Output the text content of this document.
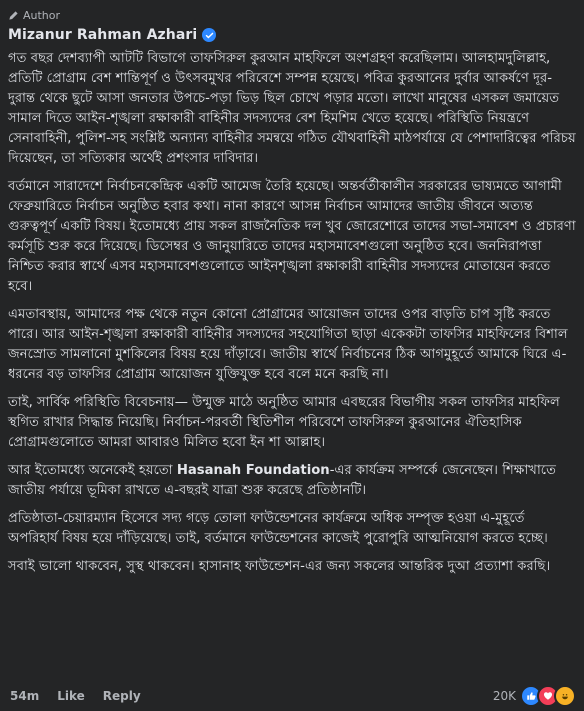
Author
Mizanur Rahman Azhari

গত বছর দেশব্যাপী আটটি বিভাগে তাফসিরুল কুরআন মাহফিলে অংশগ্রহণ করেছিলাম। আলহামদুলিল্লাহ, প্রতিটি প্রোগ্রাম বেশ শান্তিপূর্ণ ও উৎসবমুখর পরিবেশে সম্পন্ন হয়েছে। পবিত্র কুরআনের দুর্বার আকর্ষণে দূর-দুরান্ত থেকে ছুটে আসা জনতার উপচে-পড়া ভিড় ছিল চোখে পড়ার মতো। লাখো মানুষের এসকল জমায়েত সামাল দিতে আইন-শৃঙ্খলা রক্ষাকারী বাহিনীর সদস্যদের বেশ হিমশিম খেতে হয়েছে। পরিস্থিতি নিয়ন্ত্রণে সেনাবাহিনী, পুলিশ-সহ সংশ্লিষ্ট অন্যান্য বাহিনীর সমন্বয়ে গঠিত যৌথবাহিনী মাঠপর্যায়ে যে পেশাদারিত্বের পরিচয় দিয়েছেন, তা সত্যিকার অর্থেই প্রশংসার দাবিদার।

বর্তমানে সারাদেশে নির্বাচনকেন্দ্রিক একটি আমেজ তৈরি হয়েছে। অন্তর্বর্তীকালীন সরকারের ভাষ্যমতে আগামী ফেব্রুয়ারিতে নির্বাচন অনুষ্ঠিত হবার কথা। নানা কারণে আসন্ন নির্বাচন আমাদের জাতীয় জীবনে অত্যন্ত গুরুত্বপূর্ণ একটি বিষয়। ইতোমধ্যে প্রায় সকল রাজনৈতিক দল খুব জোরেশোরে তাদের সভা-সমাবেশ ও প্রচারণা কর্মসূচি শুরু করে দিয়েছে। ডিসেম্বর ও জানুয়ারিতে তাদের মহাসমাবেশগুলো অনুষ্ঠিত হবে। জননিরাপত্তা নিশ্চিত করার স্বার্থে এসব মহাসমাবেশগুলোতে আইনশৃঙ্খলা রক্ষাকারী বাহিনীর সদস্যদের মোতায়েন করতে হবে।

এমতাবস্থায়, আমাদের পক্ষ থেকে নতুন কোনো প্রোগ্রামের আয়োজন তাদের ওপর বাড়তি চাপ সৃষ্টি করতে পারে। আর আইন-শৃঙ্খলা রক্ষাকারী বাহিনীর সদস্যদের সহযোগিতা ছাড়া একেকটা তাফসির মাহফিলের বিশাল জনস্রোত সামলানো মুশকিলের বিষয় হয়ে দাঁড়াবে। জাতীয় স্বার্থে নির্বাচনের ঠিক আগমুহূর্তে আমাকে ঘিরে এ-ধরনের বড় তাফসির প্রোগ্রাম আয়োজন যুক্তিযুক্ত হবে বলে মনে করছি না।

তাই, সার্বিক পরিস্থিতি বিবেচনায়— উন্মুক্ত মাঠে অনুষ্ঠিত আমার এবছরের বিভাগীয় সকল তাফসির মাহফিল স্থগিত রাখার সিদ্ধান্ত নিয়েছি। নির্বাচন-পরবর্তী স্থিতিশীল পরিবেশে তাফসিরুল কুরআনের ঐতিহাসিক প্রোগ্রামগুলোতে আমরা আবারও মিলিত হবো ইন শা আল্লাহ।

আর ইতোমধ্যে অনেকেই হয়তো Hasanah Foundation-এর কার্যক্রম সম্পর্কে জেনেছেন। শিক্ষাখাতে জাতীয় পর্যায়ে ভূমিকা রাখতে এ-বছরই যাত্রা শুরু করেছে প্রতিষ্ঠানটি।

প্রতিষ্ঠাতা-চেয়ারম্যান হিসেবে সদ্য গড়ে তোলা ফাউন্ডেশনের কার্যক্রমে অধিক সম্পৃক্ত হওয়া এ-মুহূর্তে অপরিহার্য বিষয় হয়ে দাঁড়িয়েছে। তাই, বর্তমানে ফাউন্ডেশনের কাজেই পুরোপুরি আত্মনিয়োগ করতে হচ্ছে।

সবাই ভালো থাকবেন, সুস্থ থাকবেন। হাসানাহ ফাউন্ডেশন-এর জন্য সকলের আন্তরিক দুআ প্রত্যাশা করছি।

54m Like Reply	20K
